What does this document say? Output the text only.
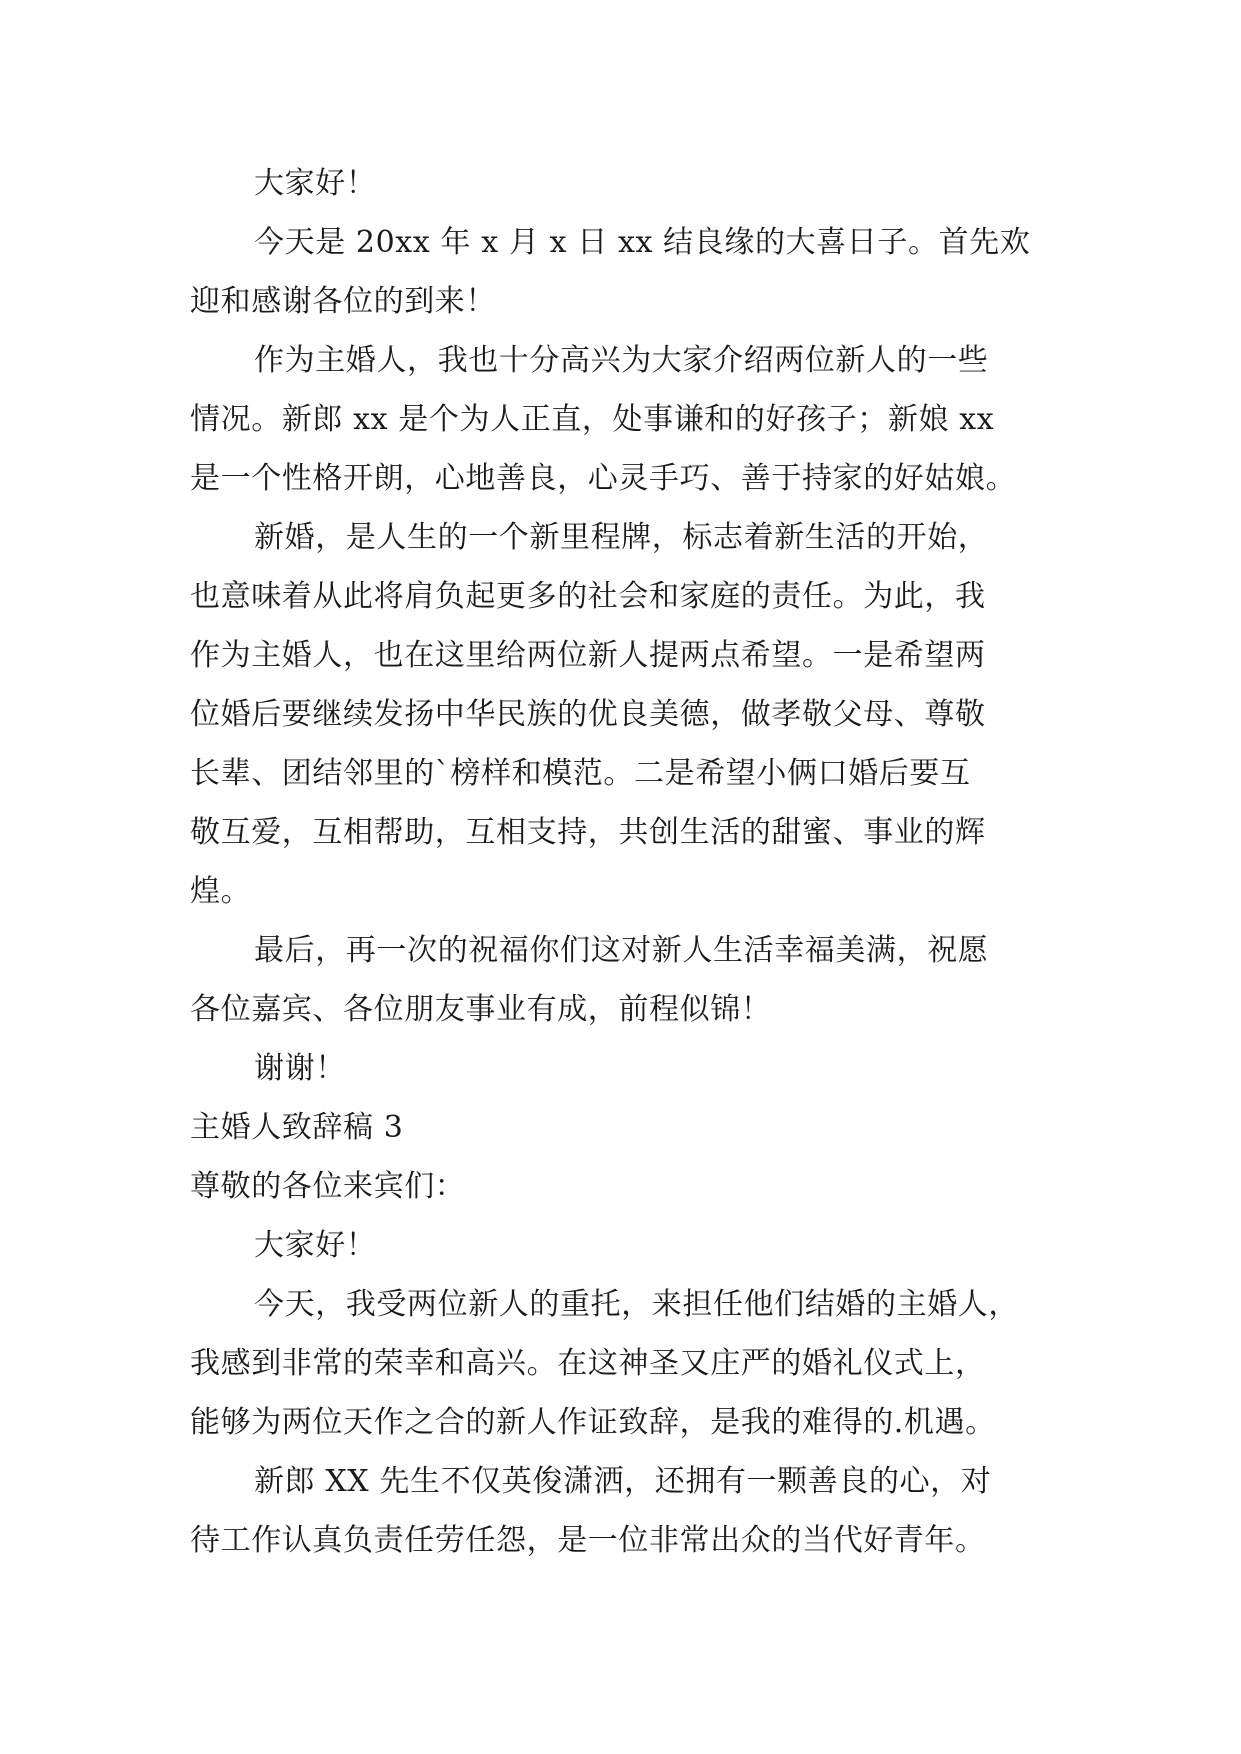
大家好！
今天是 20xx 年 x 月 x 日 xx 结良缘的大喜日子。首先欢
迎和感谢各位的到来！
作为主婚人，我也十分高兴为大家介绍两位新人的一些
情况。新郎 xx 是个为人正直，处事谦和的好孩子；新娘 xx
是一个性格开朗，心地善良，心灵手巧、善于持家的好姑娘。
新婚，是人生的一个新里程牌，标志着新生活的开始，
也意味着从此将肩负起更多的社会和家庭的责任。为此，我
作为主婚人，也在这里给两位新人提两点希望。一是希望两
位婚后要继续发扬中华民族的优良美德，做孝敬父母、尊敬
长辈、团结邻里的`榜样和模范。二是希望小俩口婚后要互
敬互爱，互相帮助，互相支持，共创生活的甜蜜、事业的辉
煌。
最后，再一次的祝福你们这对新人生活幸福美满，祝愿
各位嘉宾、各位朋友事业有成，前程似锦！
谢谢！
主婚人致辞稿 3
尊敬的各位来宾们：
大家好！
今天，我受两位新人的重托，来担任他们结婚的主婚人，
我感到非常的荣幸和高兴。在这神圣又庄严的婚礼仪式上，
能够为两位天作之合的新人作证致辞，是我的难得的.机遇。
新郎 XX 先生不仅英俊潇洒，还拥有一颗善良的心，对
待工作认真负责任劳任怨，是一位非常出众的当代好青年。
